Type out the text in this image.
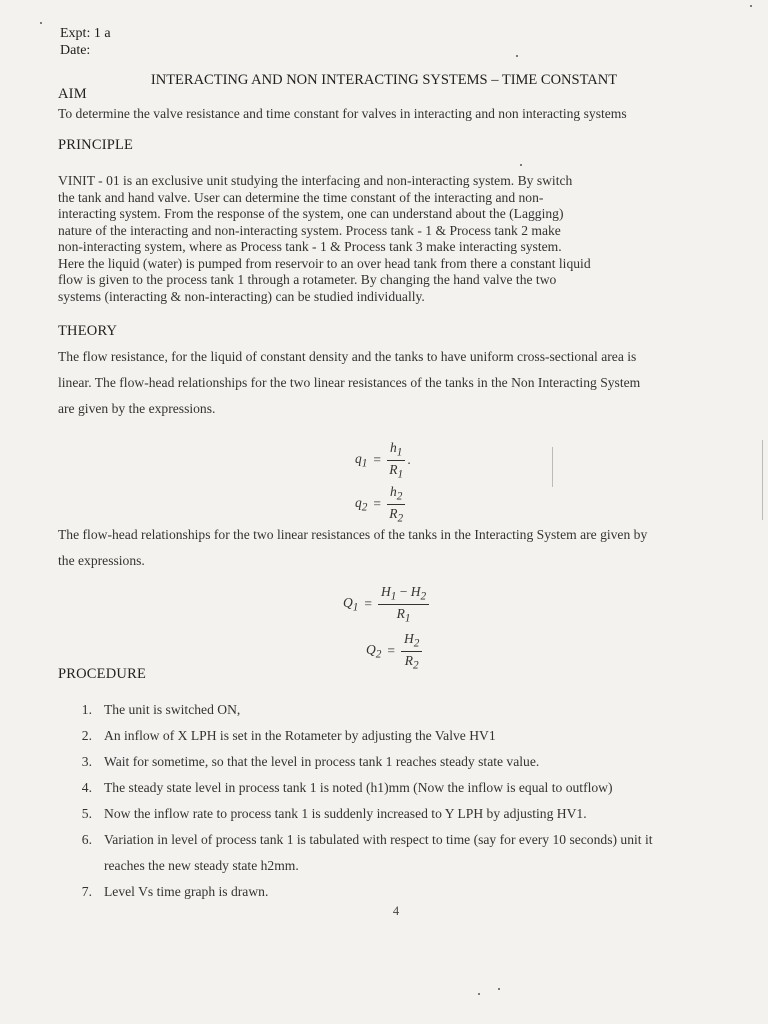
Expt: 1 a
Date:
INTERACTING AND NON INTERACTING SYSTEMS – TIME CONSTANT
AIM
To determine the valve resistance and time constant for valves in interacting and non interacting systems
PRINCIPLE

VINIT - 01 is an exclusive unit studying the interfacing and non-interacting system. By switch

the tank and hand valve. User can determine the time constant of the interacting and non-

interacting system. From the response of the system, one can understand about the (Lagging)

nature of the interacting and non-interacting system. Process tank - 1 & Process tank 2 make

non-interacting system, where as Process tank - 1 & Process tank 3 make interacting system.

Here the liquid (water) is pumped from reservoir to an over head tank from there a constant liquid

flow is given to the process tank 1 through a rotameter. By changing the hand valve the two

systems (interacting & non-interacting) can be studied individually.

THEORY

The flow resistance, for the liquid of constant density and the tanks to have uniform cross-sectional area is

linear. The flow-head relationships for the two linear resistances of the tanks in the Non Interacting System

are given by the expressions.

$q_1 = \frac{h_1}{R_1}$ .
$q_2 = \frac{h_2}{R_2}$

The flow-head relationships for the two linear resistances of the tanks in the Interacting System are given by

the expressions.

$Q_1 = \frac{H_1 - H_2}{R_1}$
$Q_2 = \frac{H_2}{R_2}$
PROCEDURE
1. The unit is switched ON,
2. An inflow of X LPH is set in the Rotameter by adjusting the Valve HV1
3. Wait for sometime, so that the level in process tank 1 reaches steady state value.
4. The steady state level in process tank 1 is noted (h1)mm (Now the inflow is equal to outflow)
5. Now the inflow rate to process tank 1 is suddenly increased to Y LPH by adjusting HV1.
6. Variation in level of process tank 1 is tabulated with respect to time (say for every 10 seconds) unit it
reaches the new steady state h2mm.
7. Level Vs time graph is drawn.
4
